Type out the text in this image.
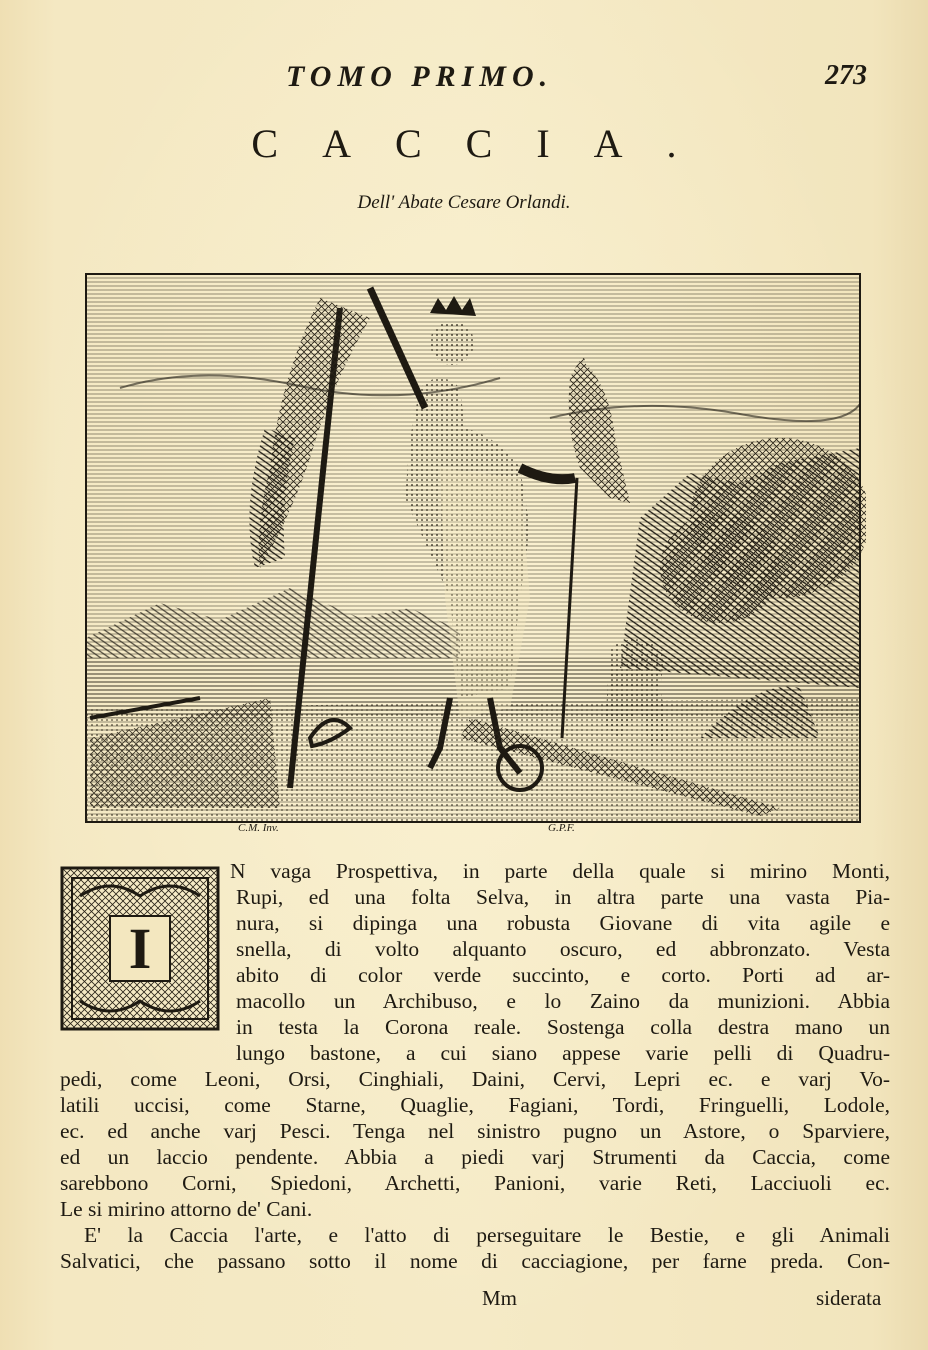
TOMO PRIMO.	273
CACCIA.
Dell' Abate Cesare Orlandi.
C.M. Inv.	G.P.F.
I
N vaga Prospettiva, in parte della quale si mirino Monti,
Rupi, ed una folta Selva, in altra parte una vasta Pia-
nura, si dipinga una robusta Giovane di vita agile e
snella, di volto alquanto oscuro, ed abbronzato. Vesta
abito di color verde succinto, e corto. Porti ad ar-
macollo un Archibuso, e lo Zaino da munizioni. Abbia
in testa la Corona reale. Sostenga colla destra mano un
lungo bastone, a cui siano appese varie pelli di Quadru-
pedi, come Leoni, Orsi, Cinghiali, Daini, Cervi, Lepri ec. e varj Vo-
latili uccisi, come Starne, Quaglie, Fagiani, Tordi, Fringuelli, Lodole,
ec. ed anche varj Pesci. Tenga nel sinistro pugno un Astore, o Sparviere,
ed un laccio pendente. Abbia a piedi varj Strumenti da Caccia, come
sarebbono Corni, Spiedoni, Archetti, Panioni, varie Reti, Lacciuoli ec.
Le si mirino attorno de' Cani.
E' la Caccia l'arte, e l'atto di perseguitare le Bestie, e gli Animali
Salvatici, che passano sotto il nome di cacciagione, per farne preda. Con-
Mm	siderata
